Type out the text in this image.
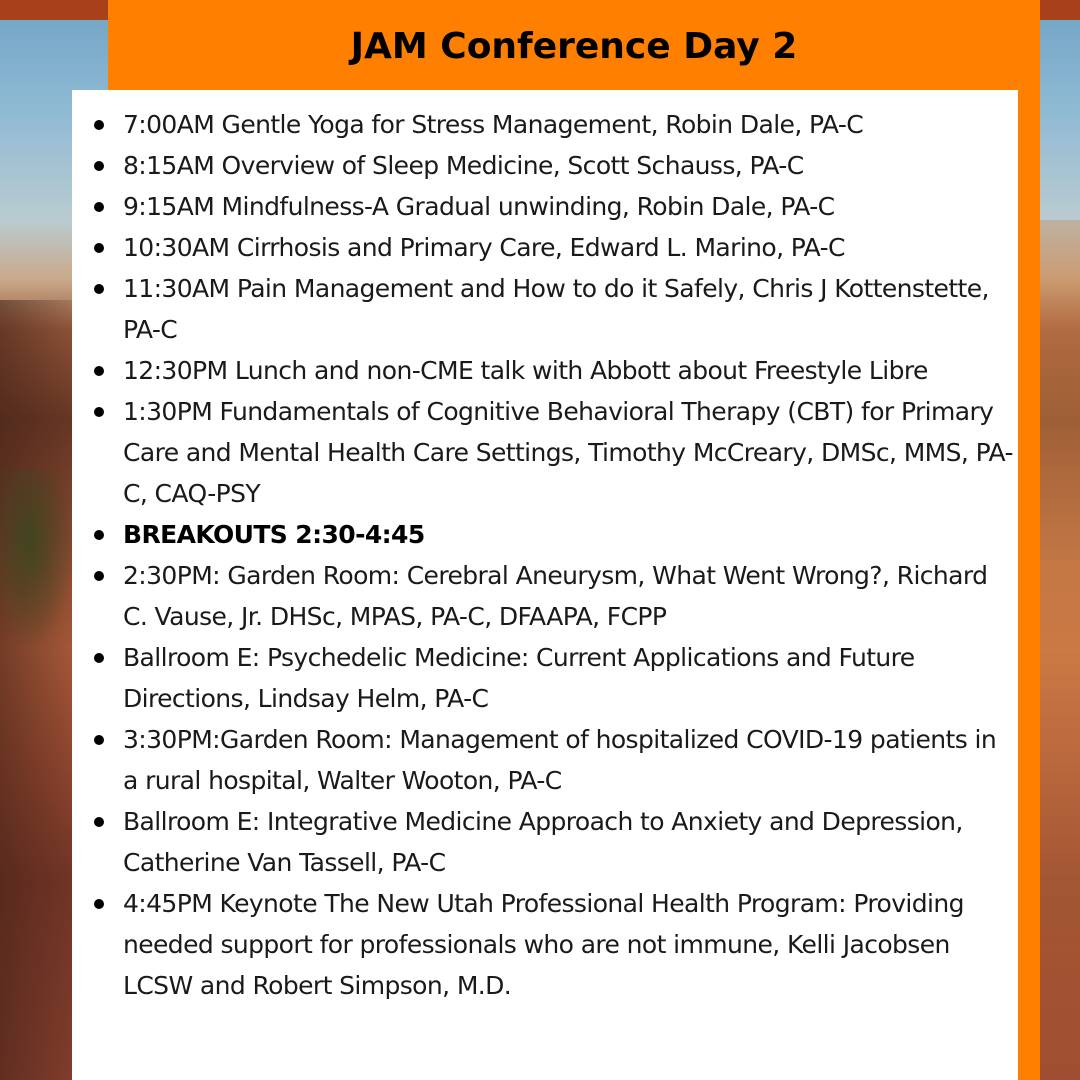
JAM Conference Day 2
7:00AM Gentle Yoga for Stress Management, Robin Dale, PA-C
8:15AM Overview of Sleep Medicine, Scott Schauss, PA-C
9:15AM Mindfulness-A Gradual unwinding, Robin Dale, PA-C
10:30AM Cirrhosis and Primary Care, Edward L. Marino, PA-C
11:30AM Pain Management and How to do it Safely, Chris J Kottenstette, PA-C
12:30PM Lunch and non-CME talk with Abbott about Freestyle Libre
1:30PM Fundamentals of Cognitive Behavioral Therapy (CBT) for Primary Care and Mental Health Care Settings, Timothy McCreary, DMSc, MMS, PA-C, CAQ-PSY
BREAKOUTS 2:30-4:45
2:30PM: Garden Room: Cerebral Aneurysm, What Went Wrong?, Richard C. Vause, Jr. DHSc, MPAS, PA-C, DFAAPA, FCPP
Ballroom E: Psychedelic Medicine: Current Applications and Future Directions, Lindsay Helm, PA-C
3:30PM:Garden Room: Management of hospitalized COVID-19 patients in a rural hospital, Walter Wooton, PA-C
Ballroom E: Integrative Medicine Approach to Anxiety and Depression, Catherine Van Tassell, PA-C
4:45PM Keynote The New Utah Professional Health Program: Providing needed support for professionals who are not immune, Kelli Jacobsen LCSW and Robert Simpson, M.D.
